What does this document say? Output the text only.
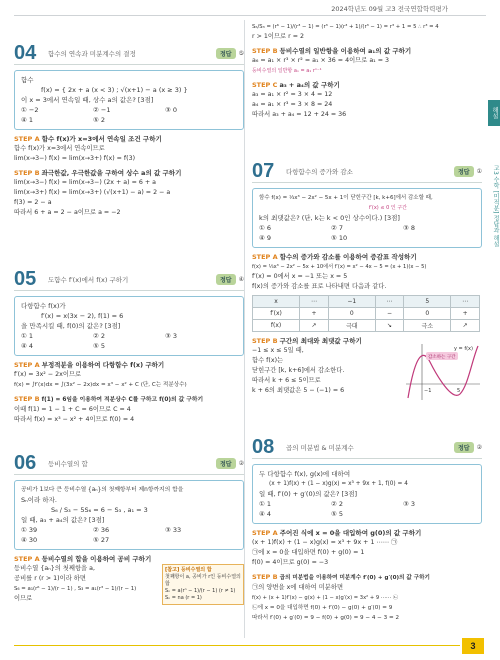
2024학년도 09월 고3 전국연합학력평가
04	함수의 연속과 미분계수의 결정	정답	⑤
함수
f(x) = { 2x + a (x < 3) ; √(x+1) − a (x ≥ 3) }
이 x = 3에서 연속일 때, 상수 a의 값은? [3점]
① −2	② −1	③ 0
④ 1	⑤ 2
STEP A 함수 f(x)가 x=3에서 연속일 조건 구하기
함수 f(x)가 x=3에서 연속이므로
lim(x→3−) f(x) = lim(x→3+) f(x) = f(3)
STEP B 좌극한값, 우극한값을 구하여 상수 a의 값 구하기
lim(x→3−) f(x) = lim(x→3−) (2x + a) = 6 + a
lim(x→3+) f(x) = lim(x→3+) (√(x+1) − a) = 2 − a
f(3) = 2 − a
따라서 6 + a = 2 − a이므로 a = −2
05	도함수 f′(x)에서 f(x) 구하기	정답	④
다항함수 f(x)가
f′(x) = x(3x − 2), f(1) = 6
을 만족시킬 때, f(0)의 값은? [3점]
① 1	② 2	③ 3
④ 4	⑤ 5
STEP A 부정적분을 이용하여 다항함수 f(x) 구하기
f′(x) = 3x² − 2x이므로
f(x) = ∫f′(x)dx = ∫(3x² − 2x)dx = x³ − x² + C (단, C는 적분상수)
STEP B f(1) = 6임을 이용하여 적분상수 C를 구하고 f(0)의 값 구하기
이때 f(1) = 1 − 1 + C = 6이므로 C = 4
따라서 f(x) = x³ − x² + 4이므로 f(0) = 4
06	등비수열의 합	정답	②
공비가 1보다 큰 등비수열 {aₙ}의 첫째항부터 제n항까지의 합을
Sₙ이라 하자.
S₆ / S₃ − 5S₆ = 6 − S₃ , a₁ = 3
일 때, a₃ + a₄의 값은? [3점]
① 39	② 36	③ 33
④ 30	⑤ 27
STEP A 등비수열의 합을 이용하여 공비 구하기
등비수열 {aₙ}의 첫째항을 a,
공비를 r (r > 1)이라 하면
S₆ = a₁(r⁶ − 1)/(r − 1) , S₃ = a₁(r³ − 1)/(r − 1)
이므로
[참고] 등비수열의 합
첫째항이 a, 공비가 r인 등비수열의 합
Sₙ = a(rⁿ − 1)/(r − 1) (r ≠ 1)
Sₙ = na (r = 1)
S₆/S₃ = (r⁶ − 1)/(r³ − 1) = (r³ − 1)(r³ + 1)/(r³ − 1) = r³ + 1 = 5 ∴ r³ = 4
r > 1이므로 r = 2
STEP B 등비수열의 일반항을 이용하여 a₁의 값 구하기
a₆ = a₁ × r³ × r² = a₁ × 36 = 4이므로 a₁ = 3
등비수열의 일반항 aₙ = a₁ rⁿ⁻¹
STEP C a₃ + a₄의 값 구하기
a₃ = a₁ × r² = 3 × 4 = 12
a₄ = a₁ × r³ = 3 × 8 = 24
따라서 a₃ + a₄ = 12 + 24 = 36
07	다항함수의 증가와 감소	정답	①
함수 f(x) = ⅓x³ − 2x² − 5x + 1이 닫힌구간 [k, k+6]에서 감소할 때,
f′(x) ≤ 0 인 구간
k의 최댓값은? (단, k는 k < 0인 상수이다.) [3점]
① 6	② 7	③ 8
④ 9	⑤ 10
STEP A 함수의 증가와 감소를 이용하여 증감표 작성하기
f(x) = ⅓x³ − 2x² − 5x + 10에서 f′(x) = x² − 4x − 5 = (x + 1)(x − 5)
f′(x) = 0에서 x = −1 또는 x = 5
f(x)의 증가와 감소를 표로 나타내면 다음과 같다.
x	⋯	−1	⋯	5	⋯
f′(x)	+	0	−	0	+
f(x)	↗	극대	↘	극소	↗
STEP B 구간의 최대와 최댓값 구하기
−1 ≤ x ≤ 5일 때,
함수 f(x)는
닫힌구간 [k, k+6]에서 감소한다.
따라서 k + 6 ≤ 5이므로
k + 6의 최댓값은 5 − (−1) = 6
감소하는 구간
y = f(x)
−1	5
08	곱의 미분법 & 미분계수	정답	②
두 다항함수 f(x), g(x)에 대하여
(x + 1)f(x) + (1 − x)g(x) = x³ + 9x + 1, f(0) = 4
일 때, f′(0) + g′(0)의 값은? [3점]
① 1	② 2	③ 3
④ 4	⑤ 5
STEP A 주어진 식에 x = 0을 대입하여 g(0)의 값 구하기
(x + 1)f(x) + (1 − x)g(x) = x³ + 9x + 1 ⋯⋯ ㉠
㉠에 x = 0을 대입하면 f(0) + g(0) = 1
f(0) = 4이므로 g(0) = −3
STEP B 곱의 미분법을 이용하여 미분계수 f′(0) + g′(0)의 값 구하기
㉠의 양변을 x에 대하여 미분하면
f(x) + (x + 1)f′(x) − g(x) + (1 − x)g′(x) = 3x² + 9 ⋯⋯ ㉡
㉡에 x = 0을 대입하면 f(0) + f′(0) − g(0) + g′(0) = 9
따라서 f′(0) + g′(0) = 9 − f(0) + g(0) = 9 − 4 − 3 = 2
해설
고3 수학 [미적분] 정답과 해설
3
